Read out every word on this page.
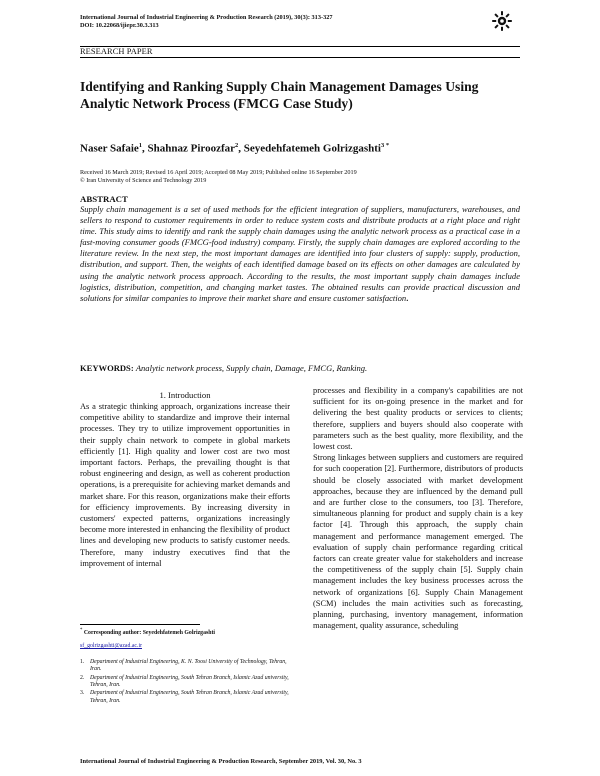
International Journal of Industrial Engineering & Production Research (2019), 30(3): 313-327
DOI: 10.22068/ijiepr.30.3.313
RESEARCH PAPER
Identifying and Ranking Supply Chain Management Damages Using Analytic Network Process (FMCG Case Study)
Naser Safaie$^1$, Shahnaz Piroozfar$^2$, Seyedehfatemeh Golrizgashti$^{3 *}$
Received 16 March 2019; Revised 16 April 2019; Accepted 08 May 2019; Published online 16 September 2019
© Iran University of Science and Technology 2019
ABSTRACT
Supply chain management is a set of used methods for the efficient integration of suppliers, manufacturers, warehouses, and sellers to respond to customer requirements in order to reduce system costs and distribute products at a right place and right time. This study aims to identify and rank the supply chain damages using the analytic network process as a practical case in a fast-moving consumer goods (FMCG-food industry) company. Firstly, the supply chain damages are explored according to the literature review. In the next step, the most important damages are identified into four clusters of supply: supply, production, distribution, and support. Then, the weights of each identified damage based on its effects on other damages are calculated by using the analytic network process approach. According to the results, the most important supply chain damages include logistics, distribution, competition, and changing market tastes. The obtained results can provide practical discussion and solutions for similar companies to improve their market share and ensure customer satisfaction.
KEYWORDS: Analytic network process, Supply chain, Damage, FMCG, Ranking.

1. Introduction

As a strategic thinking approach, organizations increase their competitive ability to standardize and improve their internal processes. They try to utilize improvement opportunities in their supply chain network to compete in global markets efficiently [1]. High quality and lower cost are two most important factors. Perhaps, the prevailing thought is that robust engineering and design, as well as coherent production operations, is a prerequisite for achieving market demands and market share. For this reason, organizations make their efforts for efficiency improvements. By increasing diversity in customers' expected patterns, organizations increasingly become more interested in enhancing the flexibility of product lines and developing new products to satisfy customer needs. Therefore, many industry executives find that the improvement of internal

processes and flexibility in a company's capabilities are not sufficient for its on-going presence in the market and for delivering the best quality products or services to clients; therefore, suppliers and buyers should also cooperate with parameters such as the best quality, more flexibility, and the lowest cost.

Strong linkages between suppliers and customers are required for such cooperation [2]. Furthermore, distributors of products should be closely associated with market development approaches, because they are influenced by the demand pull and are further close to the consumers, too [3]. Therefore, simultaneous planning for product and supply chain is a key factor [4]. Through this approach, the supply chain management and performance management emerged. The evaluation of supply chain performance regarding critical factors can create greater value for stakeholders and increase the competitiveness of the supply chain [5]. Supply chain management includes the key business processes across the network of organizations [6]. Supply Chain Management (SCM) includes the main activities such as forecasting, planning, purchasing, inventory management, information management, quality assurance, scheduling

* Corresponding author: Seyedehfatemeh Golrizgashti
sf_golrizgashti@azad.ac.ir
1. Department of Industrial Engineering, K. N. Toosi University of Technology, Tehran, Iran.
2. Department of Industrial Engineering, South Tehran Branch, Islamic Azad university, Tehran, Iran.
3. Department of Industrial Engineering, South Tehran Branch, Islamic Azad university, Tehran, Iran.
International Journal of Industrial Engineering & Production Research, September 2019, Vol. 30, No. 3
